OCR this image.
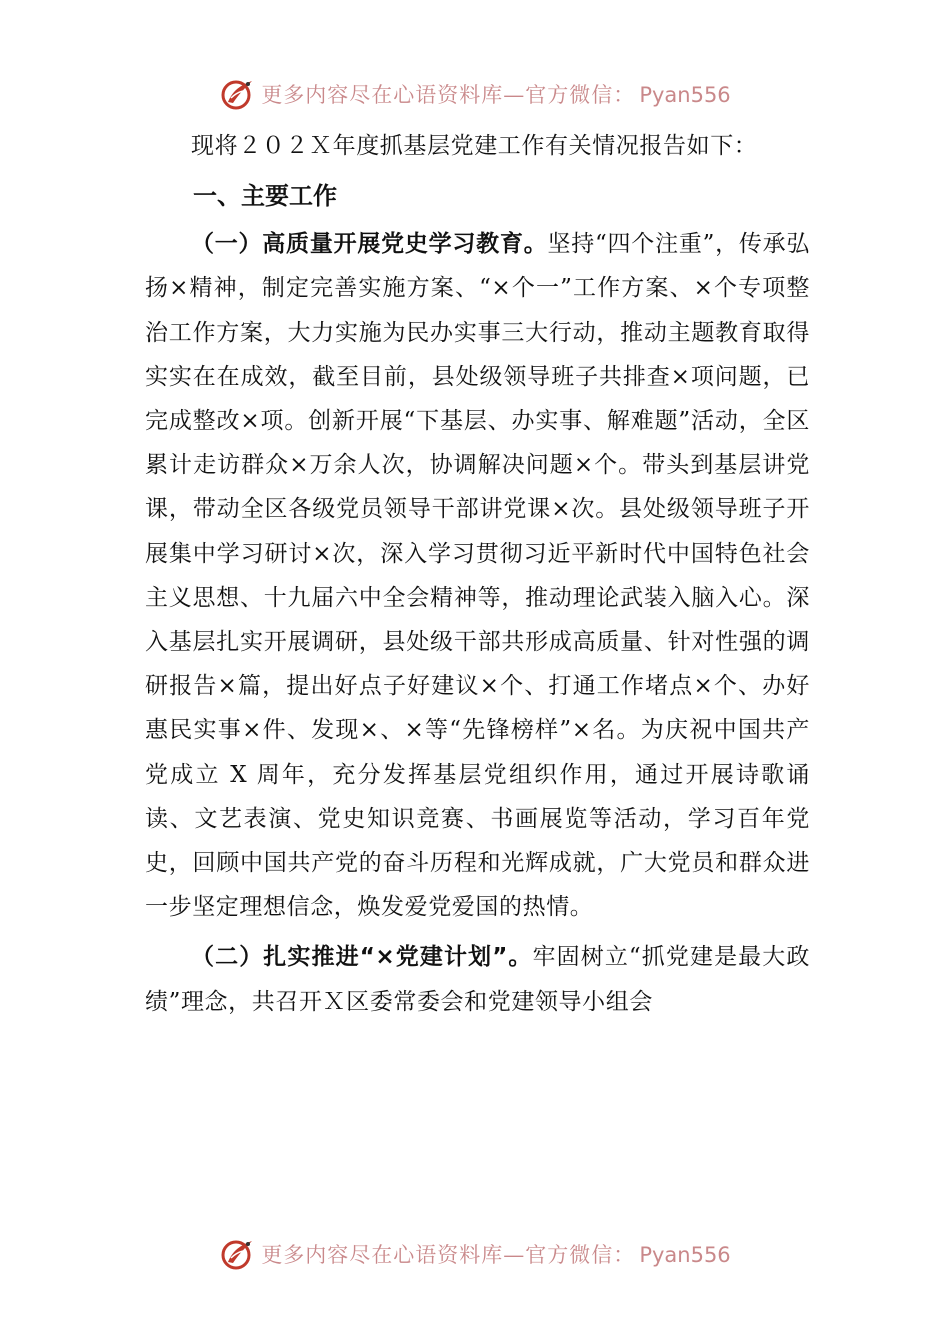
更多内容尽在心语资料库—官方微信： Pyan556

现将２０２Ｘ年度抓基层党建工作有关情况报告如下：

一、主要工作

（一）高质量开展党史学习教育。坚持“四个注重”，传承弘扬×精神，制定完善实施方案、“×个一”工作方案、×个专项整治工作方案，大力实施为民办实事三大行动，推动主题教育取得实实在在成效，截至目前，县处级领导班子共排查×项问题，已完成整改×项。创新开展“下基层、办实事、解难题”活动，全区累计走访群众×万余人次，协调解决问题×个。带头到基层讲党课，带动全区各级党员领导干部讲党课×次。县处级领导班子开展集中学习研讨×次，深入学习贯彻习近平新时代中国特色社会主义思想、十九届六中全会精神等，推动理论武装入脑入心。深入基层扎实开展调研，县处级干部共形成高质量、针对性强的调研报告×篇，提出好点子好建议×个、打通工作堵点×个、办好惠民实事×件、发现×、×等“先锋榜样”×名。为庆祝中国共产党成立 X 周年，充分发挥基层党组织作用，通过开展诗歌诵读、文艺表演、党史知识竞赛、书画展览等活动，学习百年党史，回顾中国共产党的奋斗历程和光辉成就，广大党员和群众进一步坚定理想信念，焕发爱党爱国的热情。

（二）扎实推进“×党建计划”。牢固树立“抓党建是最大政绩”理念，共召开Ｘ区委常委会和党建领导小组会

更多内容尽在心语资料库—官方微信： Pyan556
